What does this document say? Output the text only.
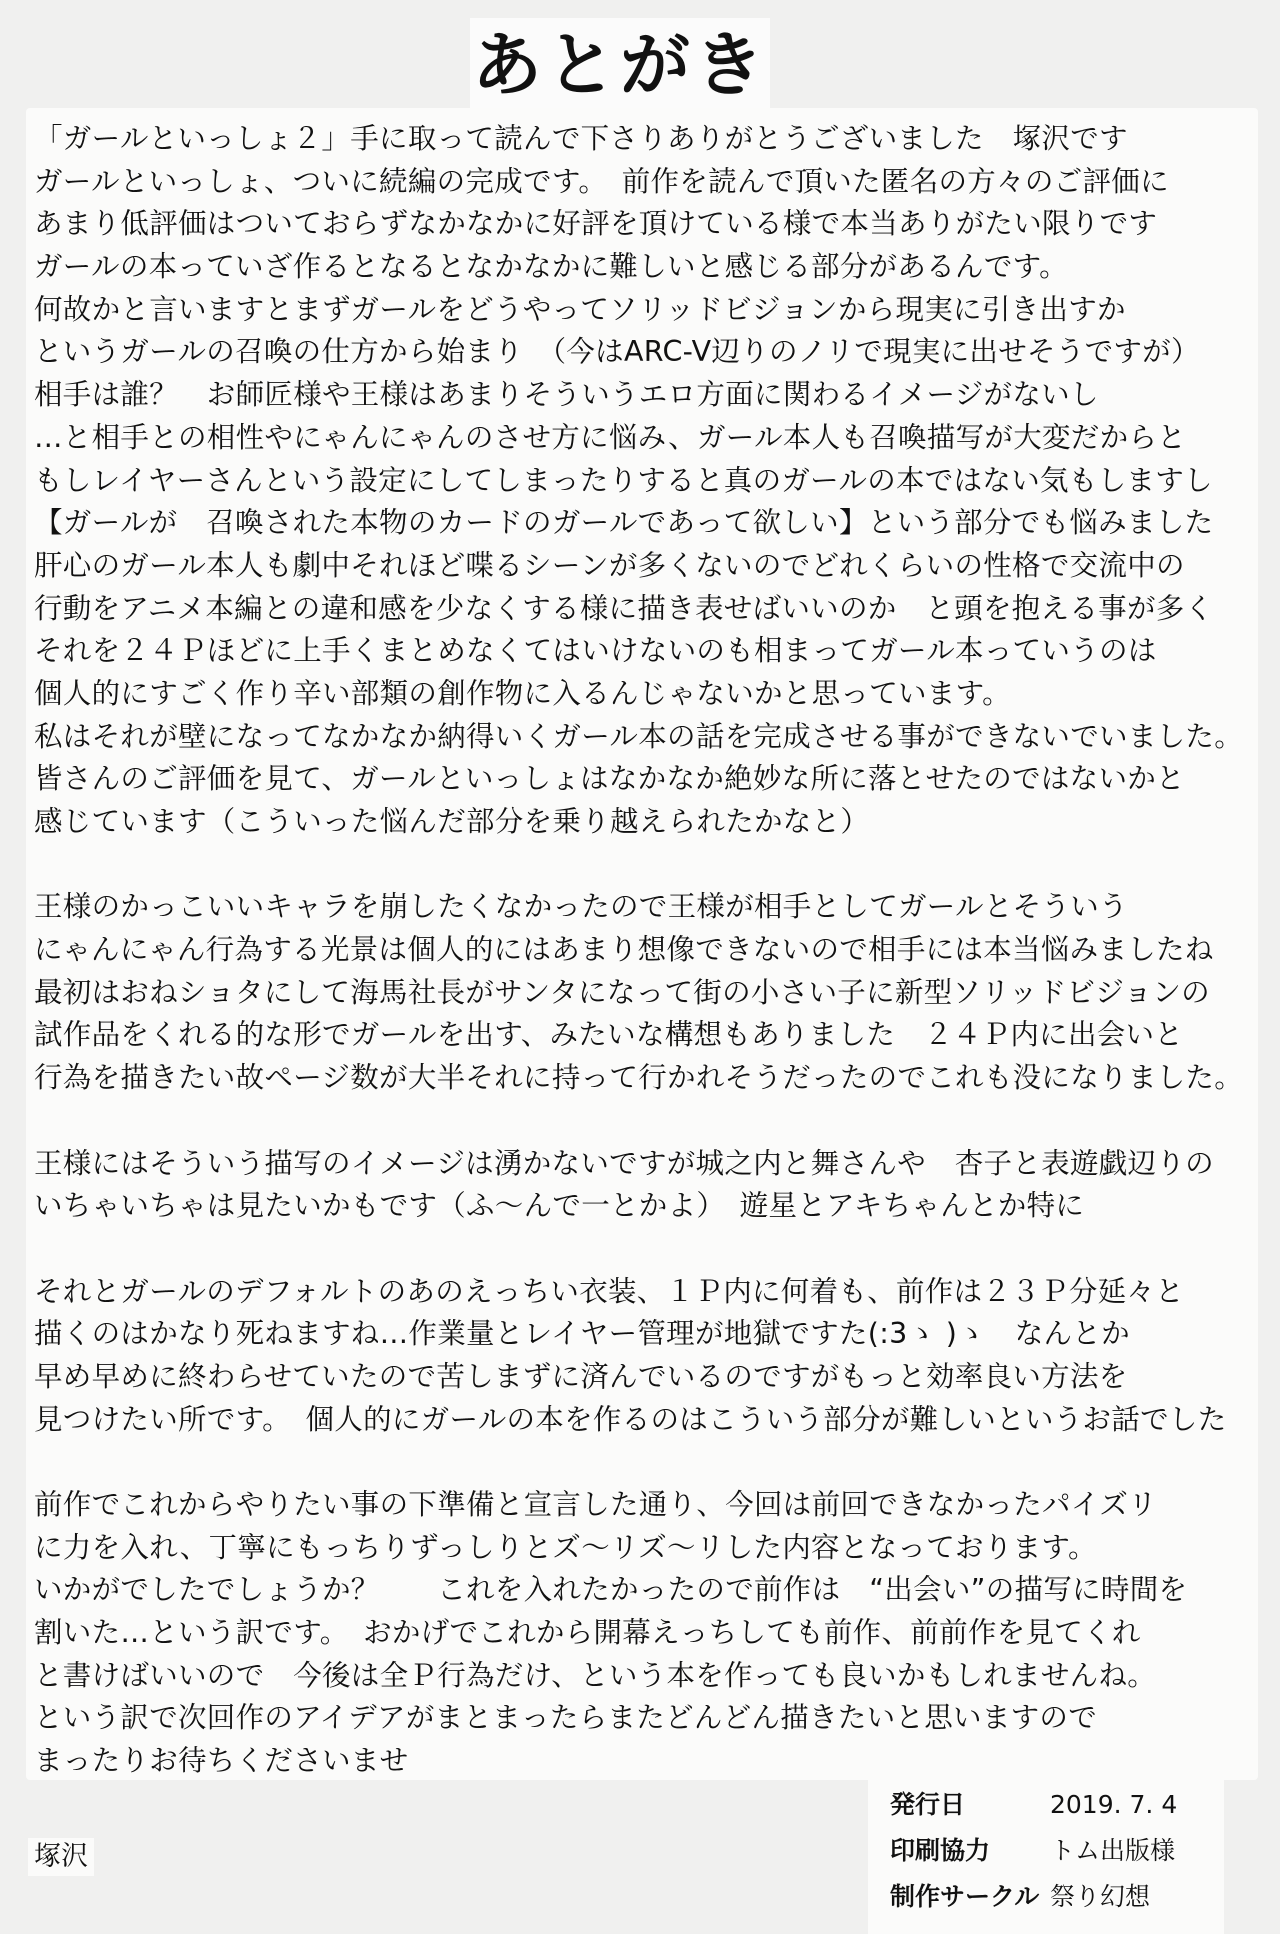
あとがき
「ガールといっしょ２」手に取って読んで下さりありがとうございました　塚沢です
ガールといっしょ、ついに続編の完成です。　前作を読んで頂いた匿名の方々のご評価に
あまり低評価はついておらずなかなかに好評を頂けている様で本当ありがたい限りです
ガールの本っていざ作るとなるとなかなかに難しいと感じる部分があるんです。
何故かと言いますとまずガールをどうやってソリッドビジョンから現実に引き出すか
というガールの召喚の仕方から始まり　（今はARC-V辺りのノリで現実に出せそうですが）
相手は誰？　お師匠様や王様はあまりそういうエロ方面に関わるイメージがないし
…と相手との相性やにゃんにゃんのさせ方に悩み、ガール本人も召喚描写が大変だからと
もしレイヤーさんという設定にしてしまったりすると真のガールの本ではない気もしますし
【ガールが　召喚された本物のカードのガールであって欲しい】という部分でも悩みました
肝心のガール本人も劇中それほど喋るシーンが多くないのでどれくらいの性格で交流中の
行動をアニメ本編との違和感を少なくする様に描き表せばいいのか　と頭を抱える事が多く
それを２４Ｐほどに上手くまとめなくてはいけないのも相まってガール本っていうのは
個人的にすごく作り辛い部類の創作物に入るんじゃないかと思っています。
私はそれが壁になってなかなか納得いくガール本の話を完成させる事ができないでいました。
皆さんのご評価を見て、ガールといっしょはなかなか絶妙な所に落とせたのではないかと
感じています（こういった悩んだ部分を乗り越えられたかなと）
王様のかっこいいキャラを崩したくなかったので王様が相手としてガールとそういう
にゃんにゃん行為する光景は個人的にはあまり想像できないので相手には本当悩みましたね
最初はおねショタにして海馬社長がサンタになって街の小さい子に新型ソリッドビジョンの
試作品をくれる的な形でガールを出す、みたいな構想もありました　２４Ｐ内に出会いと
行為を描きたい故ページ数が大半それに持って行かれそうだったのでこれも没になりました。
王様にはそういう描写のイメージは湧かないですが城之内と舞さんや　杏子と表遊戯辺りの
いちゃいちゃは見たいかもです（ふ～んで一とかよ）　遊星とアキちゃんとか特に
それとガールのデフォルトのあのえっちい衣装、１Ｐ内に何着も、前作は２３Ｐ分延々と
描くのはかなり死ねますね…作業量とレイヤー管理が地獄ですた(:3ゝ )ゝ　なんとか
早め早めに終わらせていたので苦しまずに済んでいるのですがもっと効率良い方法を
見つけたい所です。　個人的にガールの本を作るのはこういう部分が難しいというお話でした
前作でこれからやりたい事の下準備と宣言した通り、今回は前回できなかったパイズリ
に力を入れ、丁寧にもっちりずっしりとズ～リズ～リした内容となっております。
いかがでしたでしょうか？　　これを入れたかったので前作は　“出会い”の描写に時間を
割いた…という訳です。　おかげでこれから開幕えっちしても前作、前前作を見てくれ
と書けばいいので　今後は全Ｐ行為だけ、という本を作っても良いかもしれませんね。
という訳で次回作のアイデアがまとまったらまたどんどん描きたいと思いますので
まったりお待ちくださいませ
塚沢
発行日	2019. 7. 4
印刷協力 トム出版様
制作サークル 祭り幻想
